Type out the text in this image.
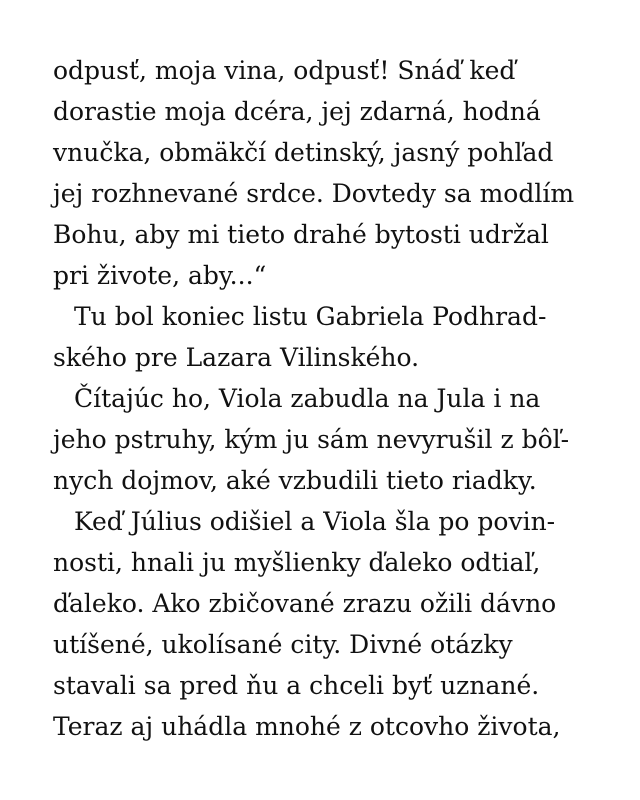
odpusť, moja vina, odpusť! Snáď keď
dorastie moja dcéra, jej zdarná, hodná
vnučka, obmäkčí detinský, jasný pohľad
jej rozhnevané srdce. Dovtedy sa modlím
Bohu, aby mi tieto drahé bytosti udržal
pri živote, aby...“
Tu bol koniec listu Gabriela Podhrad-
ského pre Lazara Vilinského.
Čítajúc ho, Viola zabudla na Jula i na
jeho pstruhy, kým ju sám nevyrušil z bôľ-
nych dojmov, aké vzbudili tieto riadky.
Keď Július odišiel a Viola šla po povin-
nosti, hnali ju myšlienky ďaleko odtiaľ,
ďaleko. Ako zbičované zrazu ožili dávno
utíšené, ukolísané city. Divné otázky
stavali sa pred ňu a chceli byť uznané.
Teraz aj uhádla mnohé z otcovho života,
